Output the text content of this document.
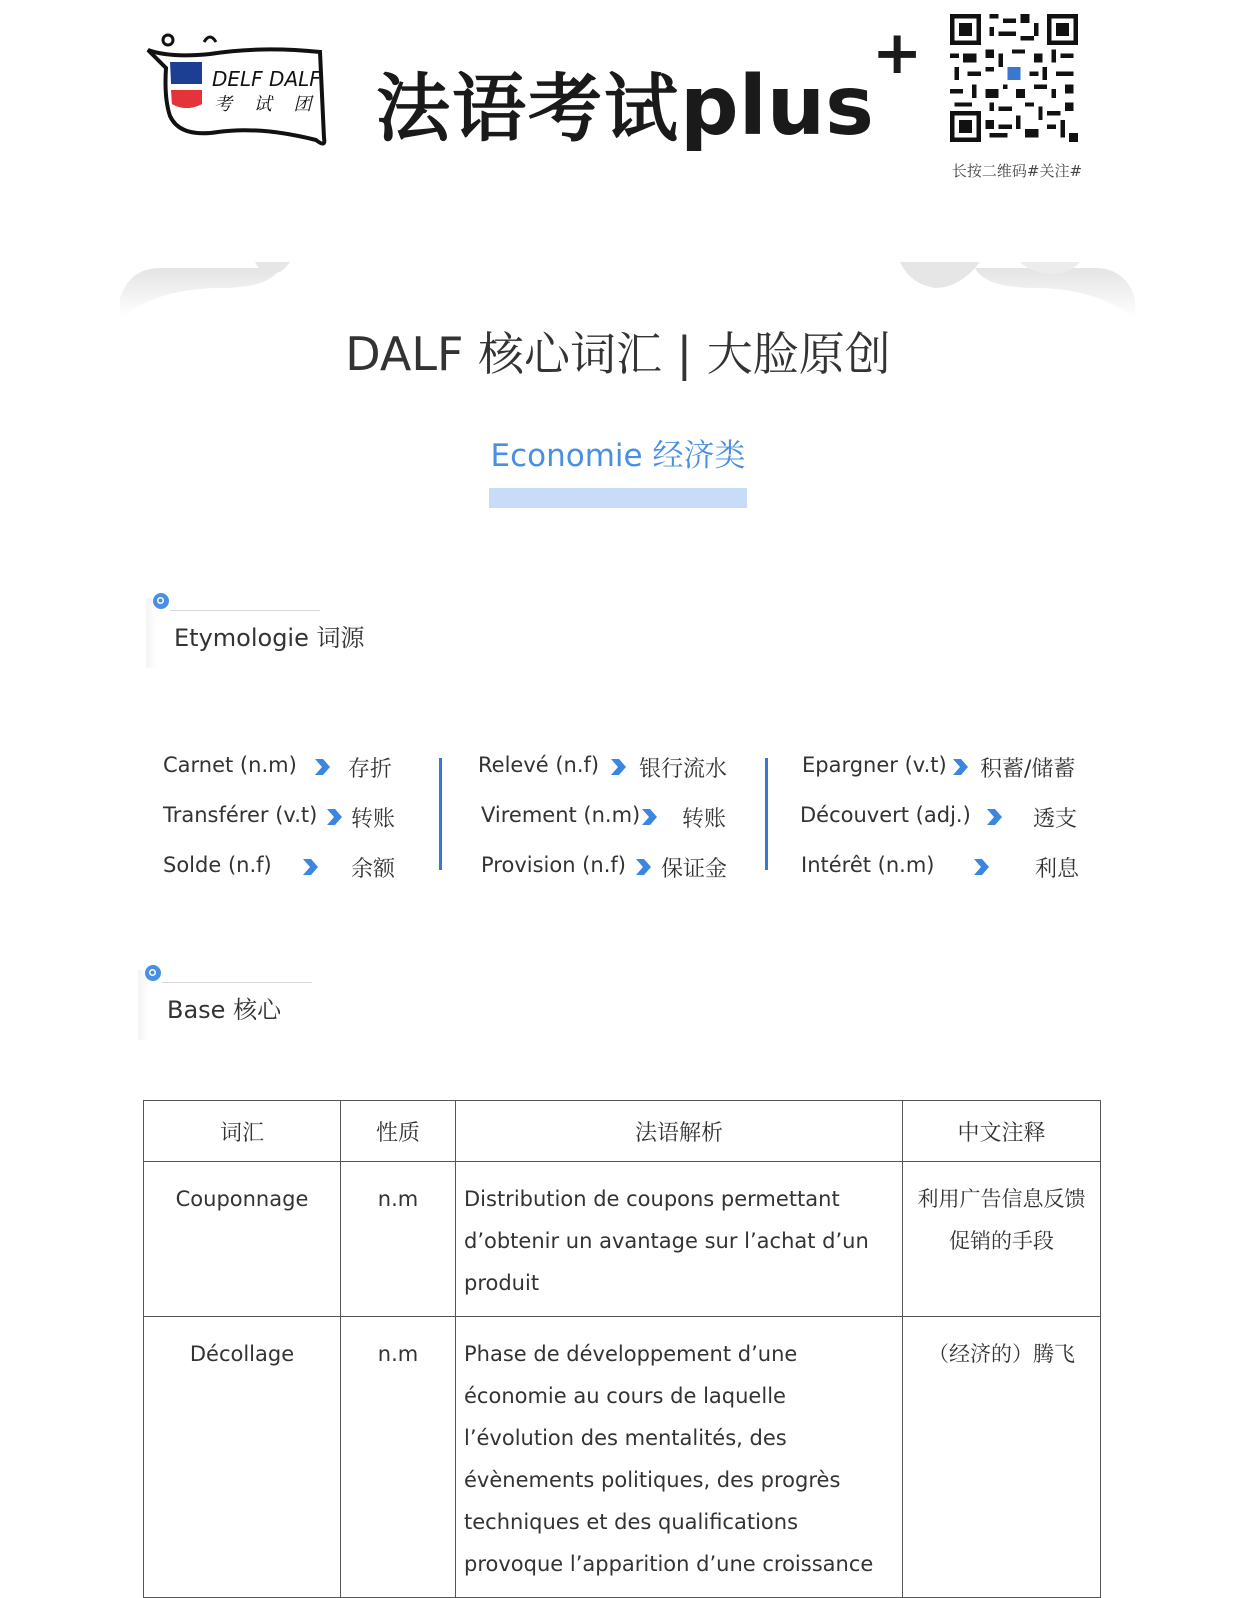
DELF DALF
考 试 团 法语考试plus
+
长按二维码#关注#
DALF 核心词汇 | 大脸原创
Economie 经济类
Etymologie 词源
Carnet (n.m) 存折
Transférer (v.t) 转账
Solde (n.f)	余额
Relevé (n.f) 银行流水
Virement (n.m) 转账
Provision (n.f) 保证金
Epargner (v.t) 积蓄/储蓄
Découvert (adj.)	透支
Intérêt (n.m)	利息
Base 核心
词汇	性质	法语解析	中文注释
Couponnage	n.m	Distribution de coupons permettant d’obtenir un avantage sur l’achat d’un produit	利用广告信息反馈促销的手段
Décollage	n.m	Phase de développement d’une économie au cours de laquelle l’évolution des mentalités, des évènements politiques, des progrès techniques et des qualifications provoque l’apparition d’une croissance	（经济的）腾飞
